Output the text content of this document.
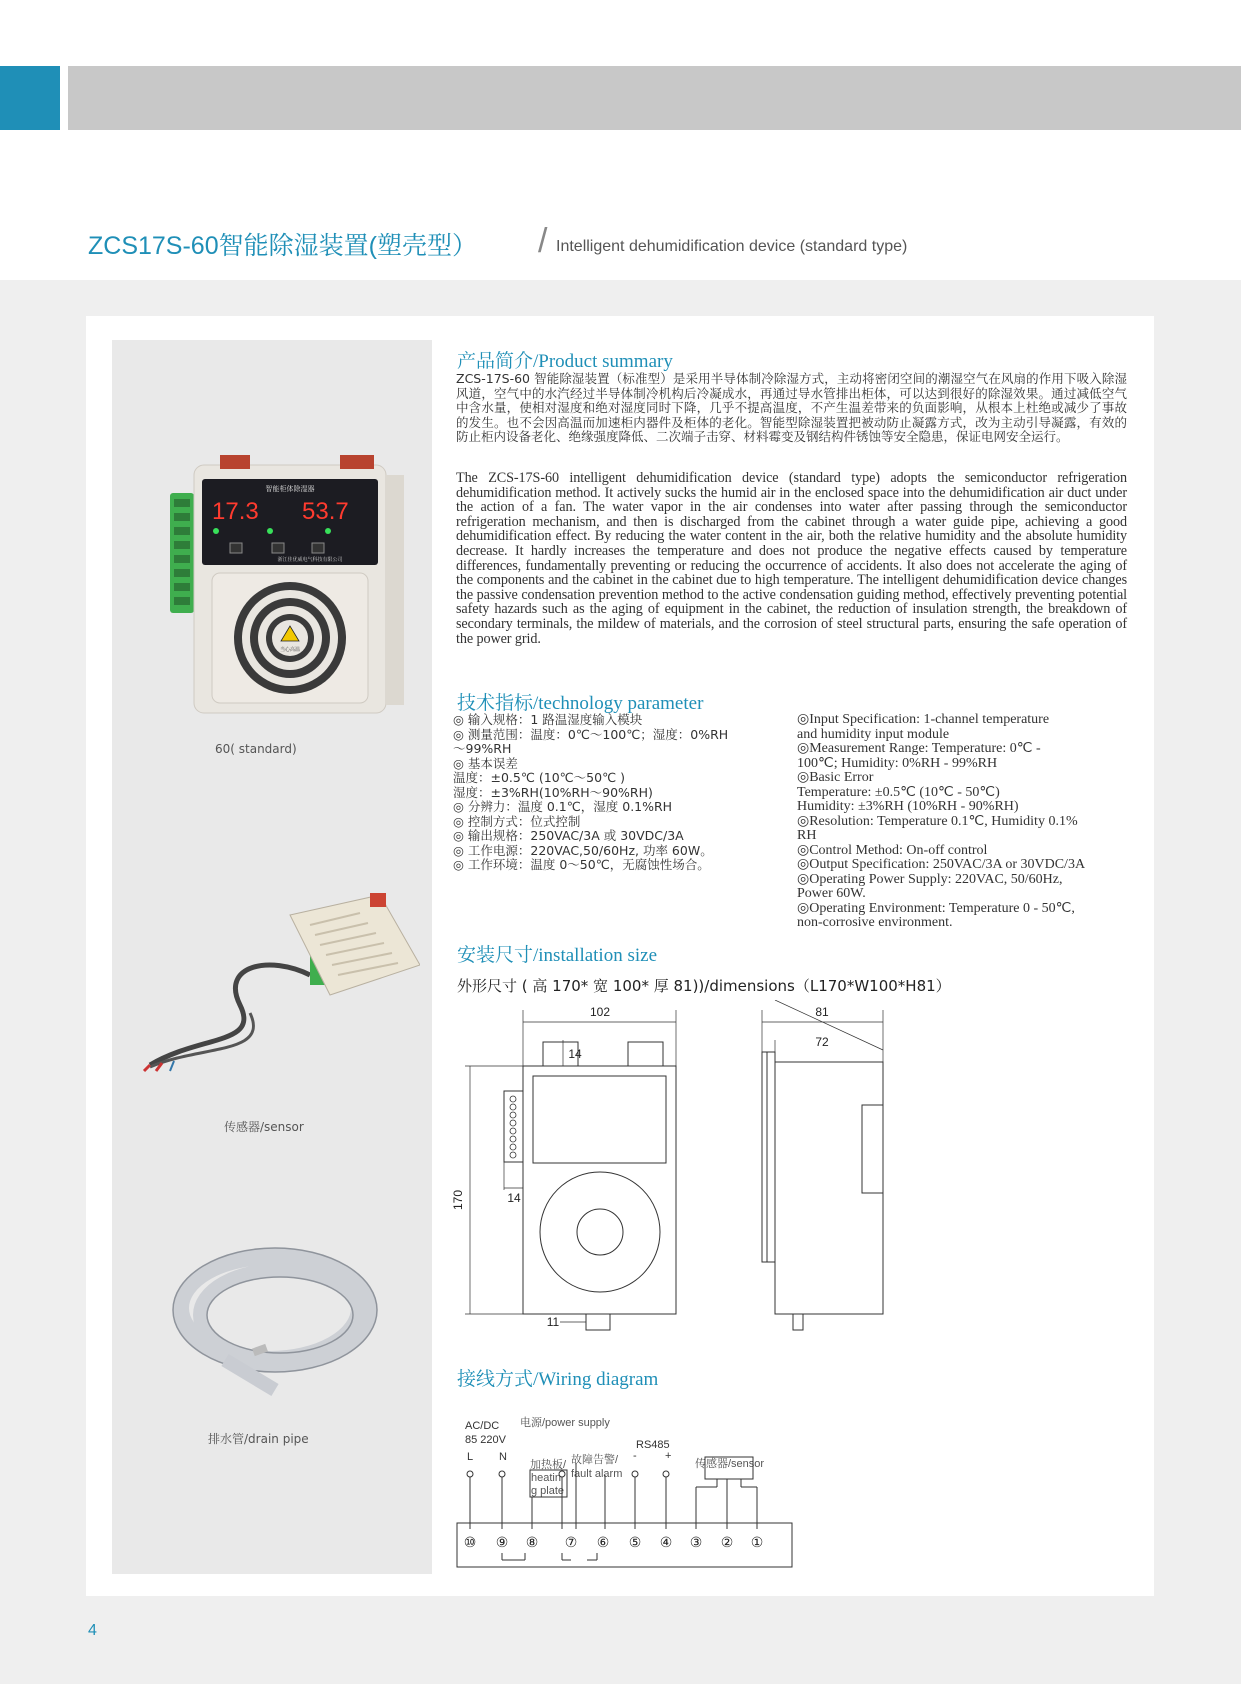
ZCS17S-60智能除湿装置(塑壳型） / Intelligent dehumidification device (standard type)
智能柜体除湿器
17.3 53.7
浙江佳优威电气科技有限公司
当心高温
60( standard)
传感器/sensor
排水管/drain pipe
产品简介/Product summary
ZCS-17S-60 智能除湿装置（标准型）是采用半导体制冷除湿方式，主动将密闭空间的潮湿空气在风扇的作用下吸入除湿风道，空气中的水汽经过半导体制冷机构后冷凝成水，再通过导水管排出柜体，可以达到很好的除湿效果。通过减低空气中含水量，使相对湿度和绝对湿度同时下降，几乎不提高温度，不产生温差带来的负面影响，从根本上杜绝或减少了事故的发生。也不会因高温而加速柜内器件及柜体的老化。智能型除湿装置把被动防止凝露方式，改为主动引导凝露，有效的防止柜内设备老化、绝缘强度降低、二次端子击穿、材料霉变及钢结构件锈蚀等安全隐患，保证电网安全运行。
The ZCS-17S-60 intelligent dehumidification device (standard type) adopts the semiconductor refrigeration dehumidification method. It actively sucks the humid air in the enclosed space into the dehumidification air duct under the action of a fan. The water vapor in the air condenses into water after passing through the semiconductor refrigeration mechanism, and then is discharged from the cabinet through a water guide pipe, achieving a good dehumidification effect. By reducing the water content in the air, both the relative humidity and the absolute humidity decrease. It hardly increases the temperature and does not produce the negative effects caused by temperature differences, fundamentally preventing or reducing the occurrence of accidents. It also does not accelerate the aging of the components and the cabinet in the cabinet due to high temperature. The intelligent dehumidification device changes the passive condensation prevention method to the active condensation guiding method, effectively preventing potential safety hazards such as the aging of equipment in the cabinet, the reduction of insulation strength, the breakdown of secondary terminals, the mildew of materials, and the corrosion of steel structural parts, ensuring the safe operation of the power grid.
技术指标/technology parameter

◎ 输入规格：1 路温湿度输入模块

◎ 测量范围：温度：0℃～100℃；湿度：0%RH

～99%RH

◎ 基本误差

温度：±0.5℃ (10℃～50℃ )

湿度：±3%RH(10%RH～90%RH)

◎ 分辨力：温度 0.1℃，湿度 0.1%RH

◎ 控制方式：位式控制

◎ 输出规格：250VAC/3A 或 30VDC/3A

◎ 工作电源：220VAC,50/60Hz, 功率 60W。

◎ 工作环境：温度 0～50℃，无腐蚀性场合。

◎Input Specification: 1-channel temperature

and humidity input module

◎Measurement Range: Temperature: 0℃ -

100℃; Humidity: 0%RH - 99%RH

◎Basic Error

Temperature: ±0.5℃ (10℃ - 50℃)

Humidity: ±3%RH (10%RH - 90%RH)

◎Resolution: Temperature 0.1℃, Humidity 0.1%

RH

◎Control Method: On-off control

◎Output Specification: 250VAC/3A or 30VDC/3A

◎Operating Power Supply: 220VAC, 50/60Hz,

Power 60W.

◎Operating Environment: Temperature 0 - 50℃,

non-corrosive environment.

安装尺寸/installation size
外形尺寸 ( 高 170* 宽 100* 厚 81))/dimensions（L170*W100*H81）
102
14
14
11
81
72
170
接线方式/Wiring diagram
AC/DC
85 220V
L N
RS485
+
-
电源/power supply
加热板/
heatin
g plate
故障告警/
fault alarm
传感器/sensor
⑩ ⑨ ⑧ ⑦ ⑥ ⑤ ④ ③ ② ①
4
